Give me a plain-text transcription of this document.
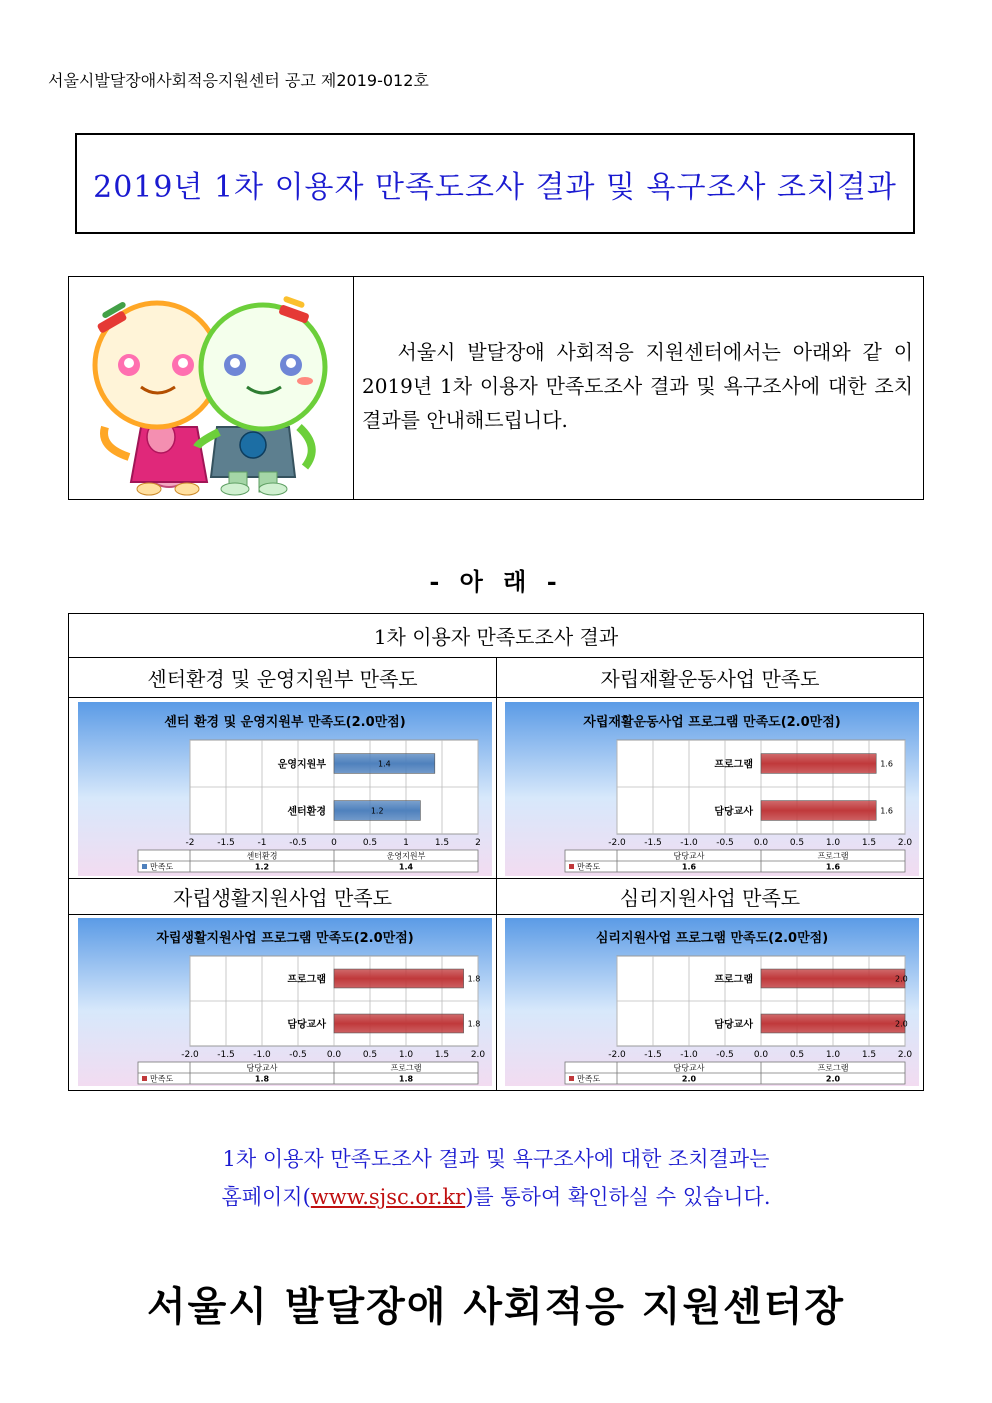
서울시발달장애사회적응지원센터 공고 제2019-012호
2019년 1차 이용자 만족도조사 결과 및 욕구조사 조치결과
서울시 발달장애 사회적응 지원센터에서는 아래와 같 이 2019년 1차 이용자 만족도조사 결과 및 욕구조사에 대한 조치결과를 안내해드립니다.
- 아 래 -
1차 이용자 만족도조사 결과
센터환경 및 운영지원부 만족도	자립재활운동사업 만족도
자립생활지원사업 만족도	심리지원사업 만족도
센터 환경 및 운영지원부 만족도(2.0만점)
-2	-1.5	-1	-0.5	0	0.5	1	1.5	2
센터환경	1.2
운영지원부	1.4
센터환경	운영지원부
만족도	1.2	1.4
자립재활운동사업 프로그램 만족도(2.0만점)
-2.0 -1.5 -1.0 -0.5 0.0 0.5 1.0 1.5 2.0
담당교사	1.6
프로그램	1.6
담당교사	프로그램
만족도	1.6	1.6
자립생활지원사업 프로그램 만족도(2.0만점)
-2.0 -1.5 -1.0 -0.5 0.0 0.5 1.0 1.5 2.0
담당교사	1.8
프로그램	1.8
담당교사	프로그램
만족도	1.8	1.8
심리지원사업 프로그램 만족도(2.0만점)
-2.0 -1.5 -1.0 -0.5 0.0 0.5 1.0 1.5 2.0
담당교사	2.0
프로그램	2.0
담당교사	프로그램
만족도	2.0	2.0
1차 이용자 만족도조사 결과 및 욕구조사에 대한 조치결과는
홈페이지(www.sjsc.or.kr)를 통하여 확인하실 수 있습니다.
서울시 발달장애 사회적응 지원센터장
